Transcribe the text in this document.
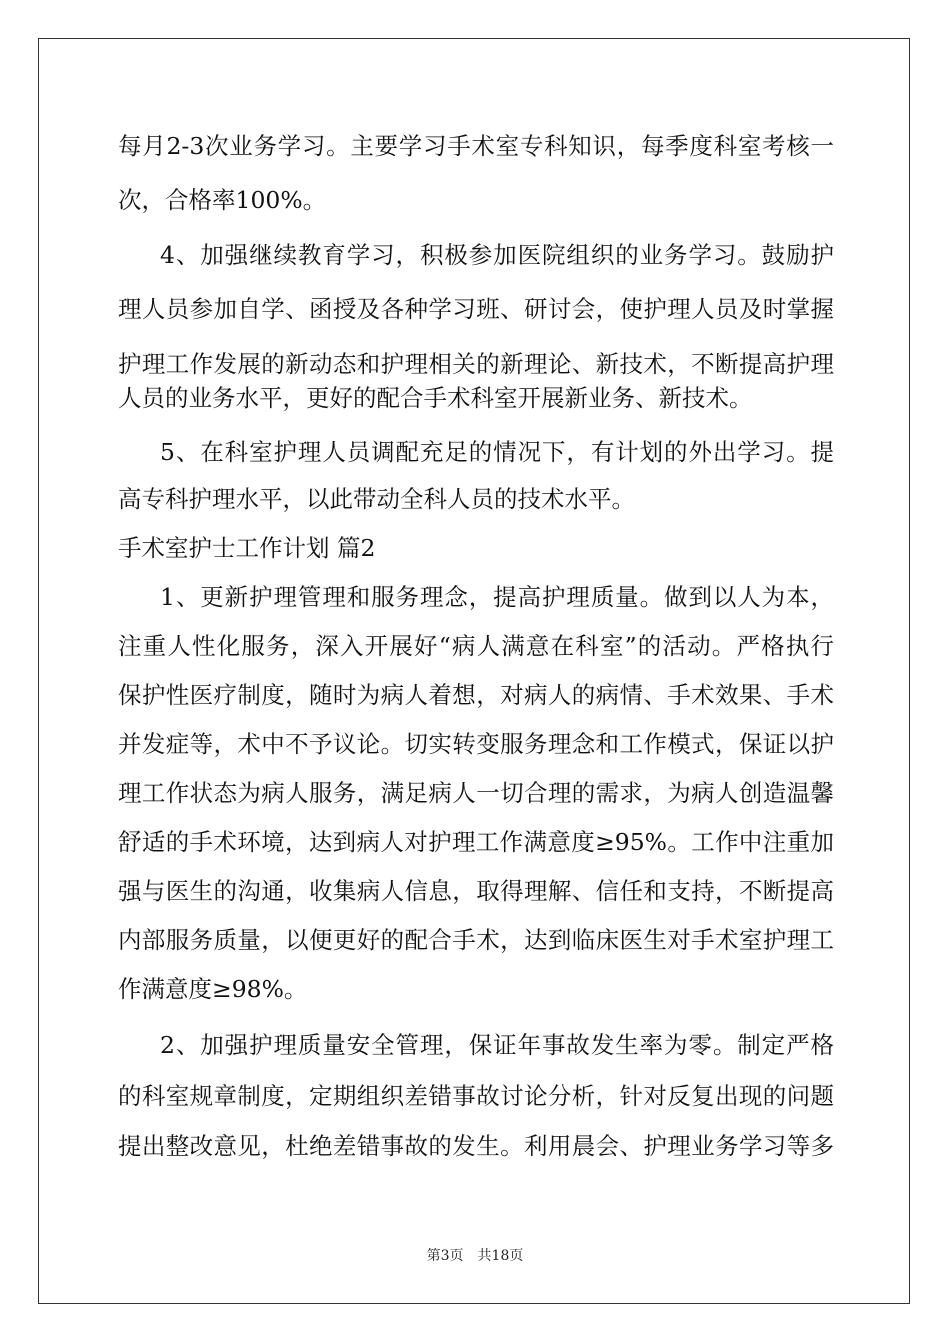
每月2-3次业务学习。主要学习手术室专科知识，每季度科室考核一
次，合格率100%。
4、加强继续教育学习，积极参加医院组织的业务学习。鼓励护
理人员参加自学、函授及各种学习班、研讨会，使护理人员及时掌握
护理工作发展的新动态和护理相关的新理论、新技术，不断提高护理
人员的业务水平，更好的配合手术科室开展新业务、新技术。
5、在科室护理人员调配充足的情况下，有计划的外出学习。提
高专科护理水平，以此带动全科人员的技术水平。
手术室护士工作计划 篇2
1、更新护理管理和服务理念，提高护理质量。做到以人为本，
注重人性化服务，深入开展好“病人满意在科室”的活动。严格执行
保护性医疗制度，随时为病人着想，对病人的病情、手术效果、手术
并发症等，术中不予议论。切实转变服务理念和工作模式，保证以护
理工作状态为病人服务，满足病人一切合理的需求，为病人创造温馨
舒适的手术环境，达到病人对护理工作满意度≥95%。工作中注重加
强与医生的沟通，收集病人信息，取得理解、信任和支持，不断提高
内部服务质量，以便更好的配合手术，达到临床医生对手术室护理工
作满意度≥98%。
2、加强护理质量安全管理，保证年事故发生率为零。制定严格
的科室规章制度，定期组织差错事故讨论分析，针对反复出现的问题
提出整改意见，杜绝差错事故的发生。利用晨会、护理业务学习等多
第3页　共18页
